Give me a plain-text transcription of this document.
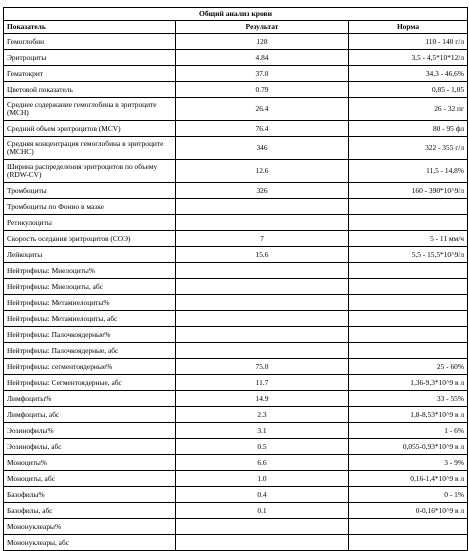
Общий анализ крови		
Показатель	Результат	Норма
Гемоглобин	128	110 - 140 г/л
Эритроциты	4.84	3,5 - 4,5*10*12/л
Гематокрит	37.0	34,3 - 46,6%
Цветовой показатель	0.79	0,85 - 1,05
Среднее содержание гемоглобина в эритроците (МСН)	26.4	26 - 32 пг
Средний объем эритроцитов (MCV)	76.4	80 - 95 фл
Средняя концентрация гемоглобина в эритроците (МСНС)	346	322 - 355 г/л
Ширина распределения эритроцитов по объему (RDW-CV)	12.6	11,5 - 14,8%
Тромбоциты	326	160 - 390*10^9/л
Тромбоциты по Фонио в мазке		
Ретикулоциты		
Скорость оседания эритроцитов (СОЭ)	7	5 - 11 мм/ч
Лейкоциты	15.6	5,5 - 15,5*10^9/л
Нейтрофилы: Миелоциты%		
Нейтрофилы: Миелоциты, абс		
Нейтрофилы: Метамиелоциты%		
Нейтрофилы: Метамиелоциты, абс		
Нейтрофилы: Палочкоядерные%		
Нейтрофилы: Палочкоядерные, абс		
Нейтрофилы: сегментоядерные%	75.0	25 - 60%
Нейтрофилы: Сегментоядерные, абс	11.7	1,36-9,3*10^9 в л
Лимфоциты%	14.9	33 - 55%
Лимфоциты, абс	2.3	1,8-8,53*10^9 в л
Эозинофилы%	3.1	1 - 6%
Эозинофилы, абс	0.5	0,055-0,93*10^9 в л
Моноциты%	6.6	3 - 9%
Моноциты, абс	1.0	0,16-1,4*10^9 в л
Базофилы%	0.4	0 - 1%
Базофилы, абс	0.1	0-0,16*10^9 в л
Мононуклеары%		
Мононуклеары, абс		
